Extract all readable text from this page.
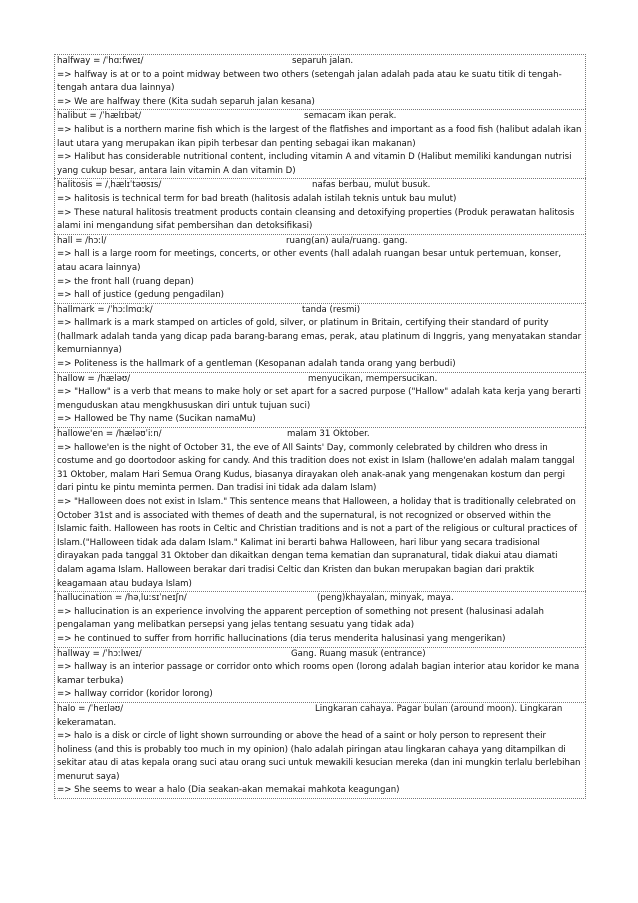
halfway = /ˈhɑːfweɪ/	separuh jalan.
=> halfway is at or to a point midway between two others (setengah jalan adalah pada atau ke suatu titik di tengah-tengah antara dua lainnya)
=> We are halfway there (Kita sudah separuh jalan kesana)
halibut = /ˈhælɪbət/	semacam ikan perak.
=> halibut is a northern marine fish which is the largest of the flatfishes and important as a food fish (halibut adalah ikan laut utara yang merupakan ikan pipih terbesar dan penting sebagai ikan makanan)
=> Halibut has considerable nutritional content, including vitamin A and vitamin D (Halibut memiliki kandungan nutrisi yang cukup besar, antara lain vitamin A dan vitamin D)
halitosis = /ˌhælɪˈtəʊsɪs/	nafas berbau, mulut busuk.
=> halitosis is technical term for bad breath (halitosis adalah istilah teknis untuk bau mulut)
=> These natural halitosis treatment products contain cleansing and detoxifying properties (Produk perawatan halitosis alami ini mengandung sifat pembersihan dan detoksifikasi)
hall = /hɔːl/	ruang(an) aula/ruang. gang.
=> hall is a large room for meetings, concerts, or other events (hall adalah ruangan besar untuk pertemuan, konser, atau acara lainnya)
=> the front hall (ruang depan)
=> hall of justice (gedung pengadilan)
hallmark = /ˈhɔːlmɑːk/	tanda (resmi)
=> hallmark is a mark stamped on articles of gold, silver, or platinum in Britain, certifying their standard of purity (hallmark adalah tanda yang dicap pada barang-barang emas, perak, atau platinum di Inggris, yang menyatakan standar kemurniannya)
=> Politeness is the hallmark of a gentleman (Kesopanan adalah tanda orang yang berbudi)
hallow = /hæləʊ/	menyucikan, mempersucikan.
=> "Hallow" is a verb that means to make holy or set apart for a sacred purpose ("Hallow" adalah kata kerja yang berarti menguduskan atau mengkhususkan diri untuk tujuan suci)
=> Hallowed be Thy name (Sucikan namaMu)
hallowe'en = /hæləʊˈiːn/	malam 31 Oktober.
=> hallowe'en is the night of October 31, the eve of All Saints' Day, commonly celebrated by children who dress in costume and go doortodoor asking for candy. And this tradition does not exist in Islam (hallowe'en adalah malam tanggal 31 Oktober, malam Hari Semua Orang Kudus, biasanya dirayakan oleh anak-anak yang mengenakan kostum dan pergi dari pintu ke pintu meminta permen. Dan tradisi ini tidak ada dalam Islam)
=> "Halloween does not exist in Islam." This sentence means that Halloween, a holiday that is traditionally celebrated on October 31st and is associated with themes of death and the supernatural, is not recognized or observed within the Islamic faith. Halloween has roots in Celtic and Christian traditions and is not a part of the religious or cultural practices of Islam.("Halloween tidak ada dalam Islam." Kalimat ini berarti bahwa Halloween, hari libur yang secara tradisional dirayakan pada tanggal 31 Oktober dan dikaitkan dengan tema kematian dan supranatural, tidak diakui atau diamati dalam agama Islam. Halloween berakar dari tradisi Celtic dan Kristen dan bukan merupakan bagian dari praktik keagamaan atau budaya Islam)
hallucination = /həˌluːsɪˈneɪʃn/	(peng)khayalan, minyak, maya.
=> hallucination is an experience involving the apparent perception of something not present (halusinasi adalah pengalaman yang melibatkan persepsi yang jelas tentang sesuatu yang tidak ada)
=> he continued to suffer from horrific hallucinations (dia terus menderita halusinasi yang mengerikan)
hallway = /ˈhɔːlweɪ/	Gang. Ruang masuk (entrance)
=> hallway is an interior passage or corridor onto which rooms open (lorong adalah bagian interior atau koridor ke mana kamar terbuka)
=> hallway corridor (koridor lorong)
halo = /ˈheɪləʊ/	Lingkaran cahaya. Pagar bulan (around moon). Lingkaran kekeramatan.
=> halo is a disk or circle of light shown surrounding or above the head of a saint or holy person to represent their holiness (and this is probably too much in my opinion) (halo adalah piringan atau lingkaran cahaya yang ditampilkan di sekitar atau di atas kepala orang suci atau orang suci untuk mewakili kesucian mereka (dan ini mungkin terlalu berlebihan menurut saya)
=> She seems to wear a halo (Dia seakan-akan memakai mahkota keagungan)
